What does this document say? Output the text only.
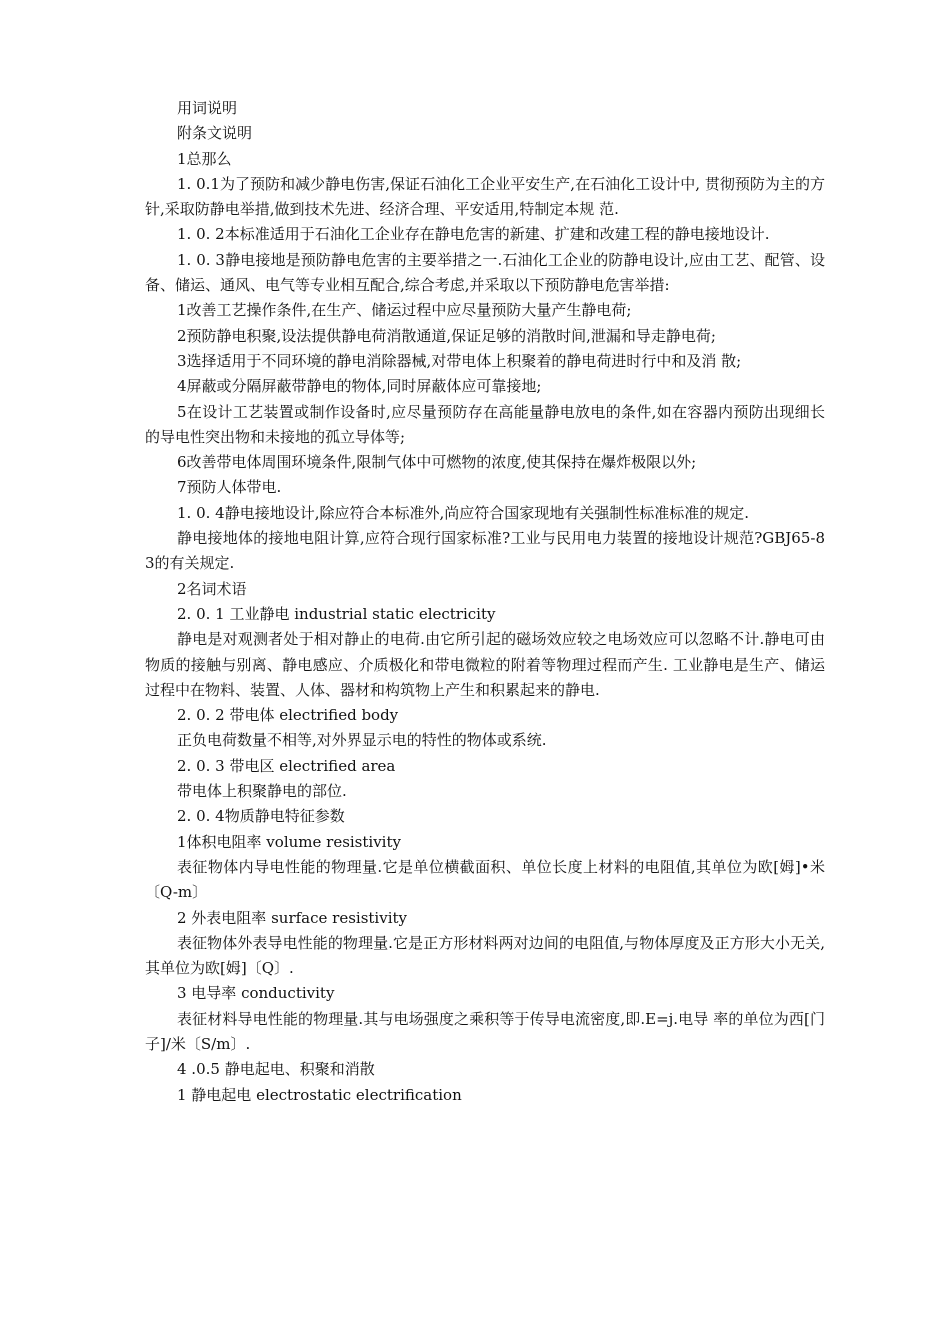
用词说明

附条文说明

1总那么

1. 0.1为了预防和减少静电伤害,保证石油化工企业平安生产,在石油化工设计中, 贯彻预防为主的方针,采取防静电举措,做到技术先进、经济合理、平安适用,特制定本规 范.

1. 0. 2本标准适用于石油化工企业存在静电危害的新建、扩建和改建工程的静电接地设计.

1. 0. 3静电接地是预防静电危害的主要举措之一.石油化工企业的防静电设计,应由工艺、配管、设备、储运、通风、电气等专业相互配合,综合考虑,并采取以下预防静电危害举措:

1改善工艺操作条件,在生产、储运过程中应尽量预防大量产生静电荷;

2预防静电积聚,设法提供静电荷消散通道,保证足够的消散时间,泄漏和导走静电荷;

3选择适用于不同环境的静电消除器械,对带电体上积聚着的静电荷进时行中和及消 散;

4屏蔽或分隔屏蔽带静电的物体,同时屏蔽体应可靠接地;

5在设计工艺装置或制作设备时,应尽量预防存在高能量静电放电的条件,如在容器内预防出现细长的导电性突出物和未接地的孤立导体等;

6改善带电体周围环境条件,限制气体中可燃物的浓度,使其保持在爆炸极限以外;

7预防人体带电.

1. 0. 4静电接地设计,除应符合本标准外,尚应符合国家现地有关强制性标准标准的规定.

静电接地体的接地电阻计算,应符合现行国家标准?工业与民用电力装置的接地设计规范?GBJ65-83的有关规定.

2名词术语

2. 0. 1 工业静电 industrial static electricity

静电是对观测者处于相对静止的电荷.由它所引起的磁场效应较之电场效应可以忽略不计.静电可由物质的接触与别离、静电感应、介质极化和带电微粒的附着等物理过程而产生. 工业静电是生产、储运过程中在物料、装置、人体、器材和构筑物上产生和积累起来的静电.

2. 0. 2 带电体 electrified body

正负电荷数量不相等,对外界显示电的特性的物体或系统.

2. 0. 3 带电区 electrified area

带电体上积聚静电的部位.

2. 0. 4物质静电特征参数

1体积电阻率 volume resistivity

表征物体内导电性能的物理量.它是单位横截面积、单位长度上材料的电阻值,其单位为欧[姆]•米〔Q-m〕

2 外表电阻率 surface resistivity

表征物体外表导电性能的物理量.它是正方形材料两对边间的电阻值,与物体厚度及正方形大小无关,其单位为欧[姆]〔Q〕.

3 电导率 conductivity

表征材料导电性能的物理量.其与电场强度之乘积等于传导电流密度,即.E=j.电导 率的单位为西[门子]/米〔S/m〕.

4 .0.5 静电起电、积聚和消散

1 静电起电 electrostatic electrification
